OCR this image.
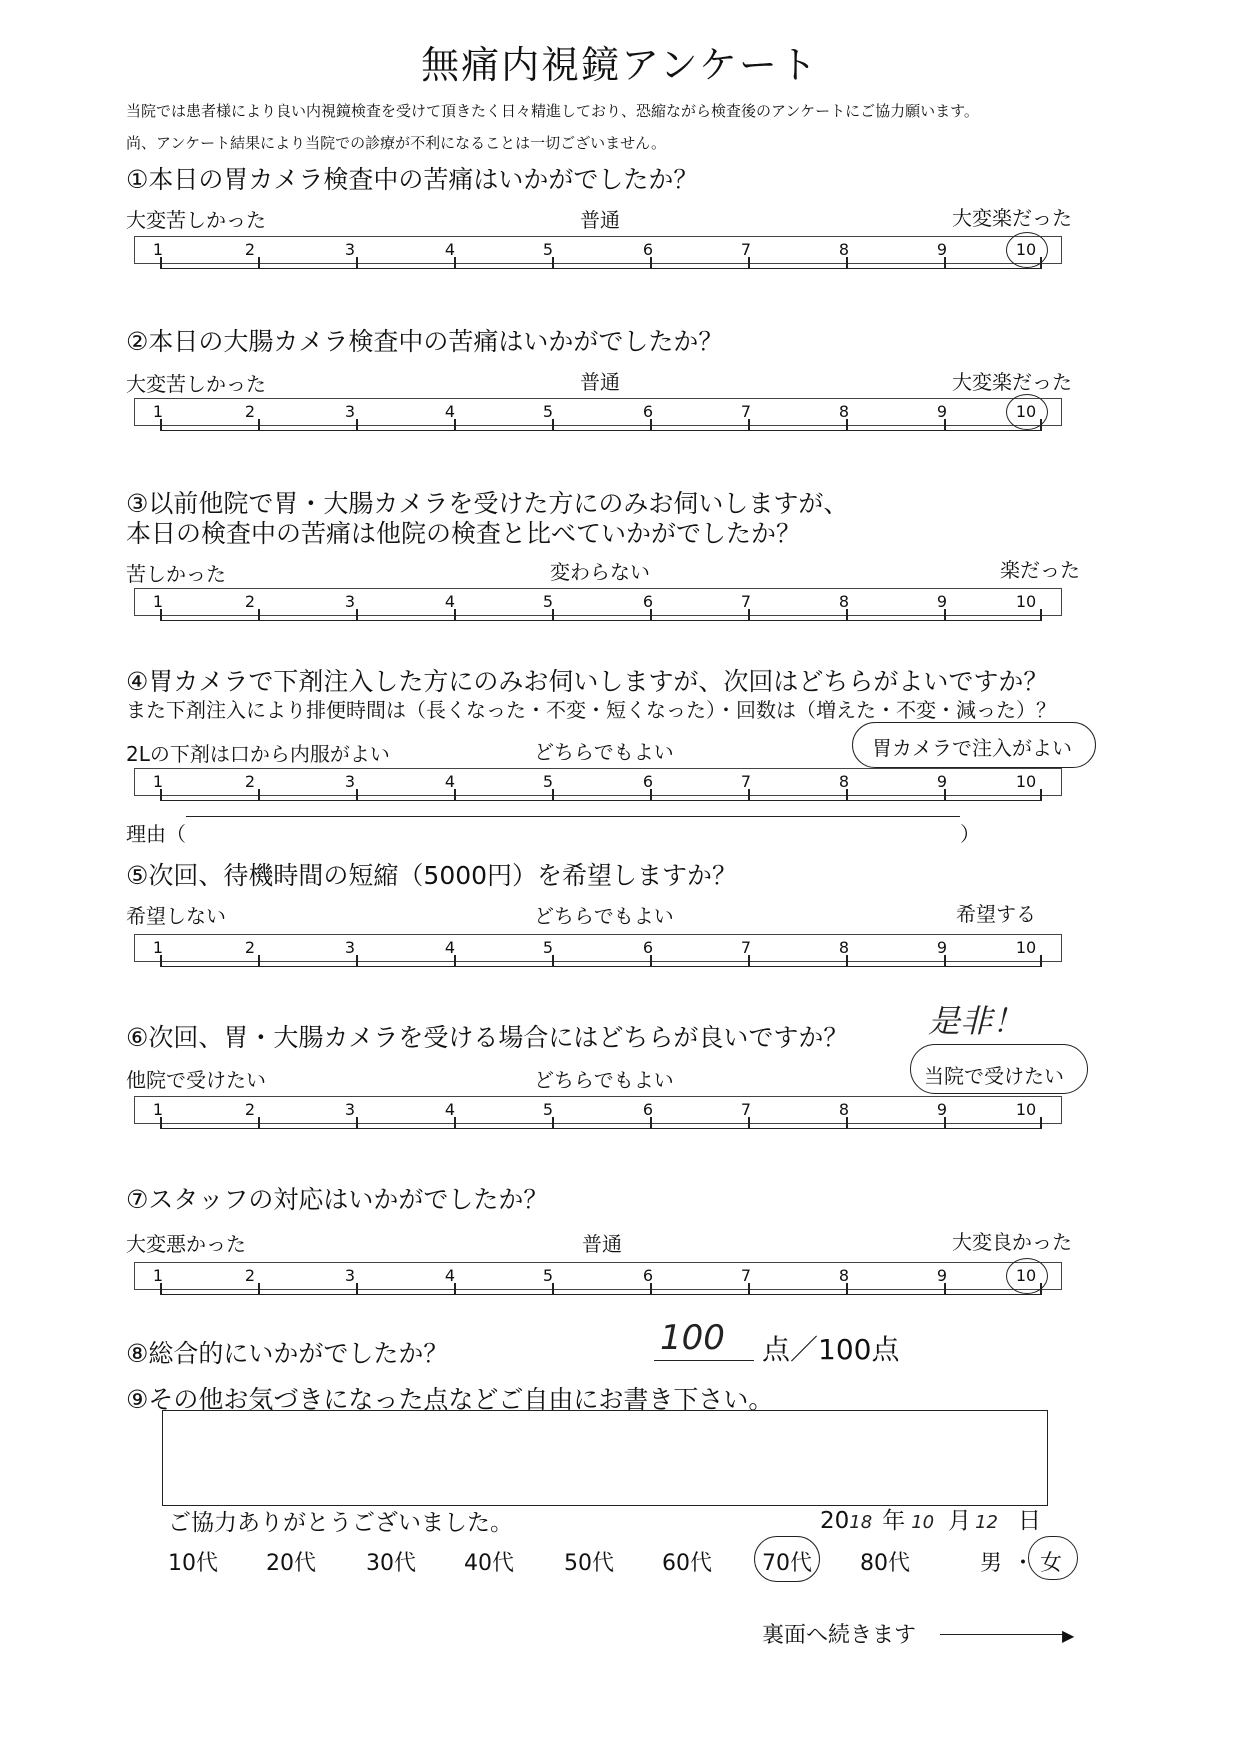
無痛内視鏡アンケート
当院では患者様により良い内視鏡検査を受けて頂きたく日々精進しており、恐縮ながら検査後のアンケートにご協力願います。
尚、アンケート結果により当院での診療が不利になることは一切ございません。
①本日の胃カメラ検査中の苦痛はいかがでしたか？
大変苦しかった	普通	大変楽だった
1	2	3	4	5	6	7	8	9	10
②本日の大腸カメラ検査中の苦痛はいかがでしたか？
大変苦しかった	普通	大変楽だった
1	2	3	4	5	6	7	8	9	10
③以前他院で胃・大腸カメラを受けた方にのみお伺いしますが、
本日の検査中の苦痛は他院の検査と比べていかがでしたか？
苦しかった	変わらない	楽だった
1	2	3	4	5	6	7	8	9	10
④胃カメラで下剤注入した方にのみお伺いしますが、次回はどちらがよいですか？
また下剤注入により排便時間は（長くなった・不変・短くなった）・回数は（増えた・不変・減った）？
2Lの下剤は口から内服がよい	どちらでもよい	胃カメラで注入がよい
1	2	3	4	5	6	7	8	9	10
理由（	）
⑤次回、待機時間の短縮（5000円）を希望しますか？
希望しない	どちらでもよい	希望する
1	2	3	4	5	6	7	8	9	10
是非！
⑥次回、胃・大腸カメラを受ける場合にはどちらが良いですか？
他院で受けたい	どちらでもよい	当院で受けたい
1	2	3	4	5	6	7	8	9	10
⑦スタッフの対応はいかがでしたか？
大変悪かった	普通	大変良かった
1	2	3	4	5	6	7	8	9	10
⑧総合的にいかがでしたか？	100 点／100点
⑨その他お気づきになった点などご自由にお書き下さい。
ご協力ありがとうございました。	2018 年 10 月 12 日
10代 20代 30代 40代 50代 60代 70代 80代	男 ・ 女
裏面へ続きます	▶
